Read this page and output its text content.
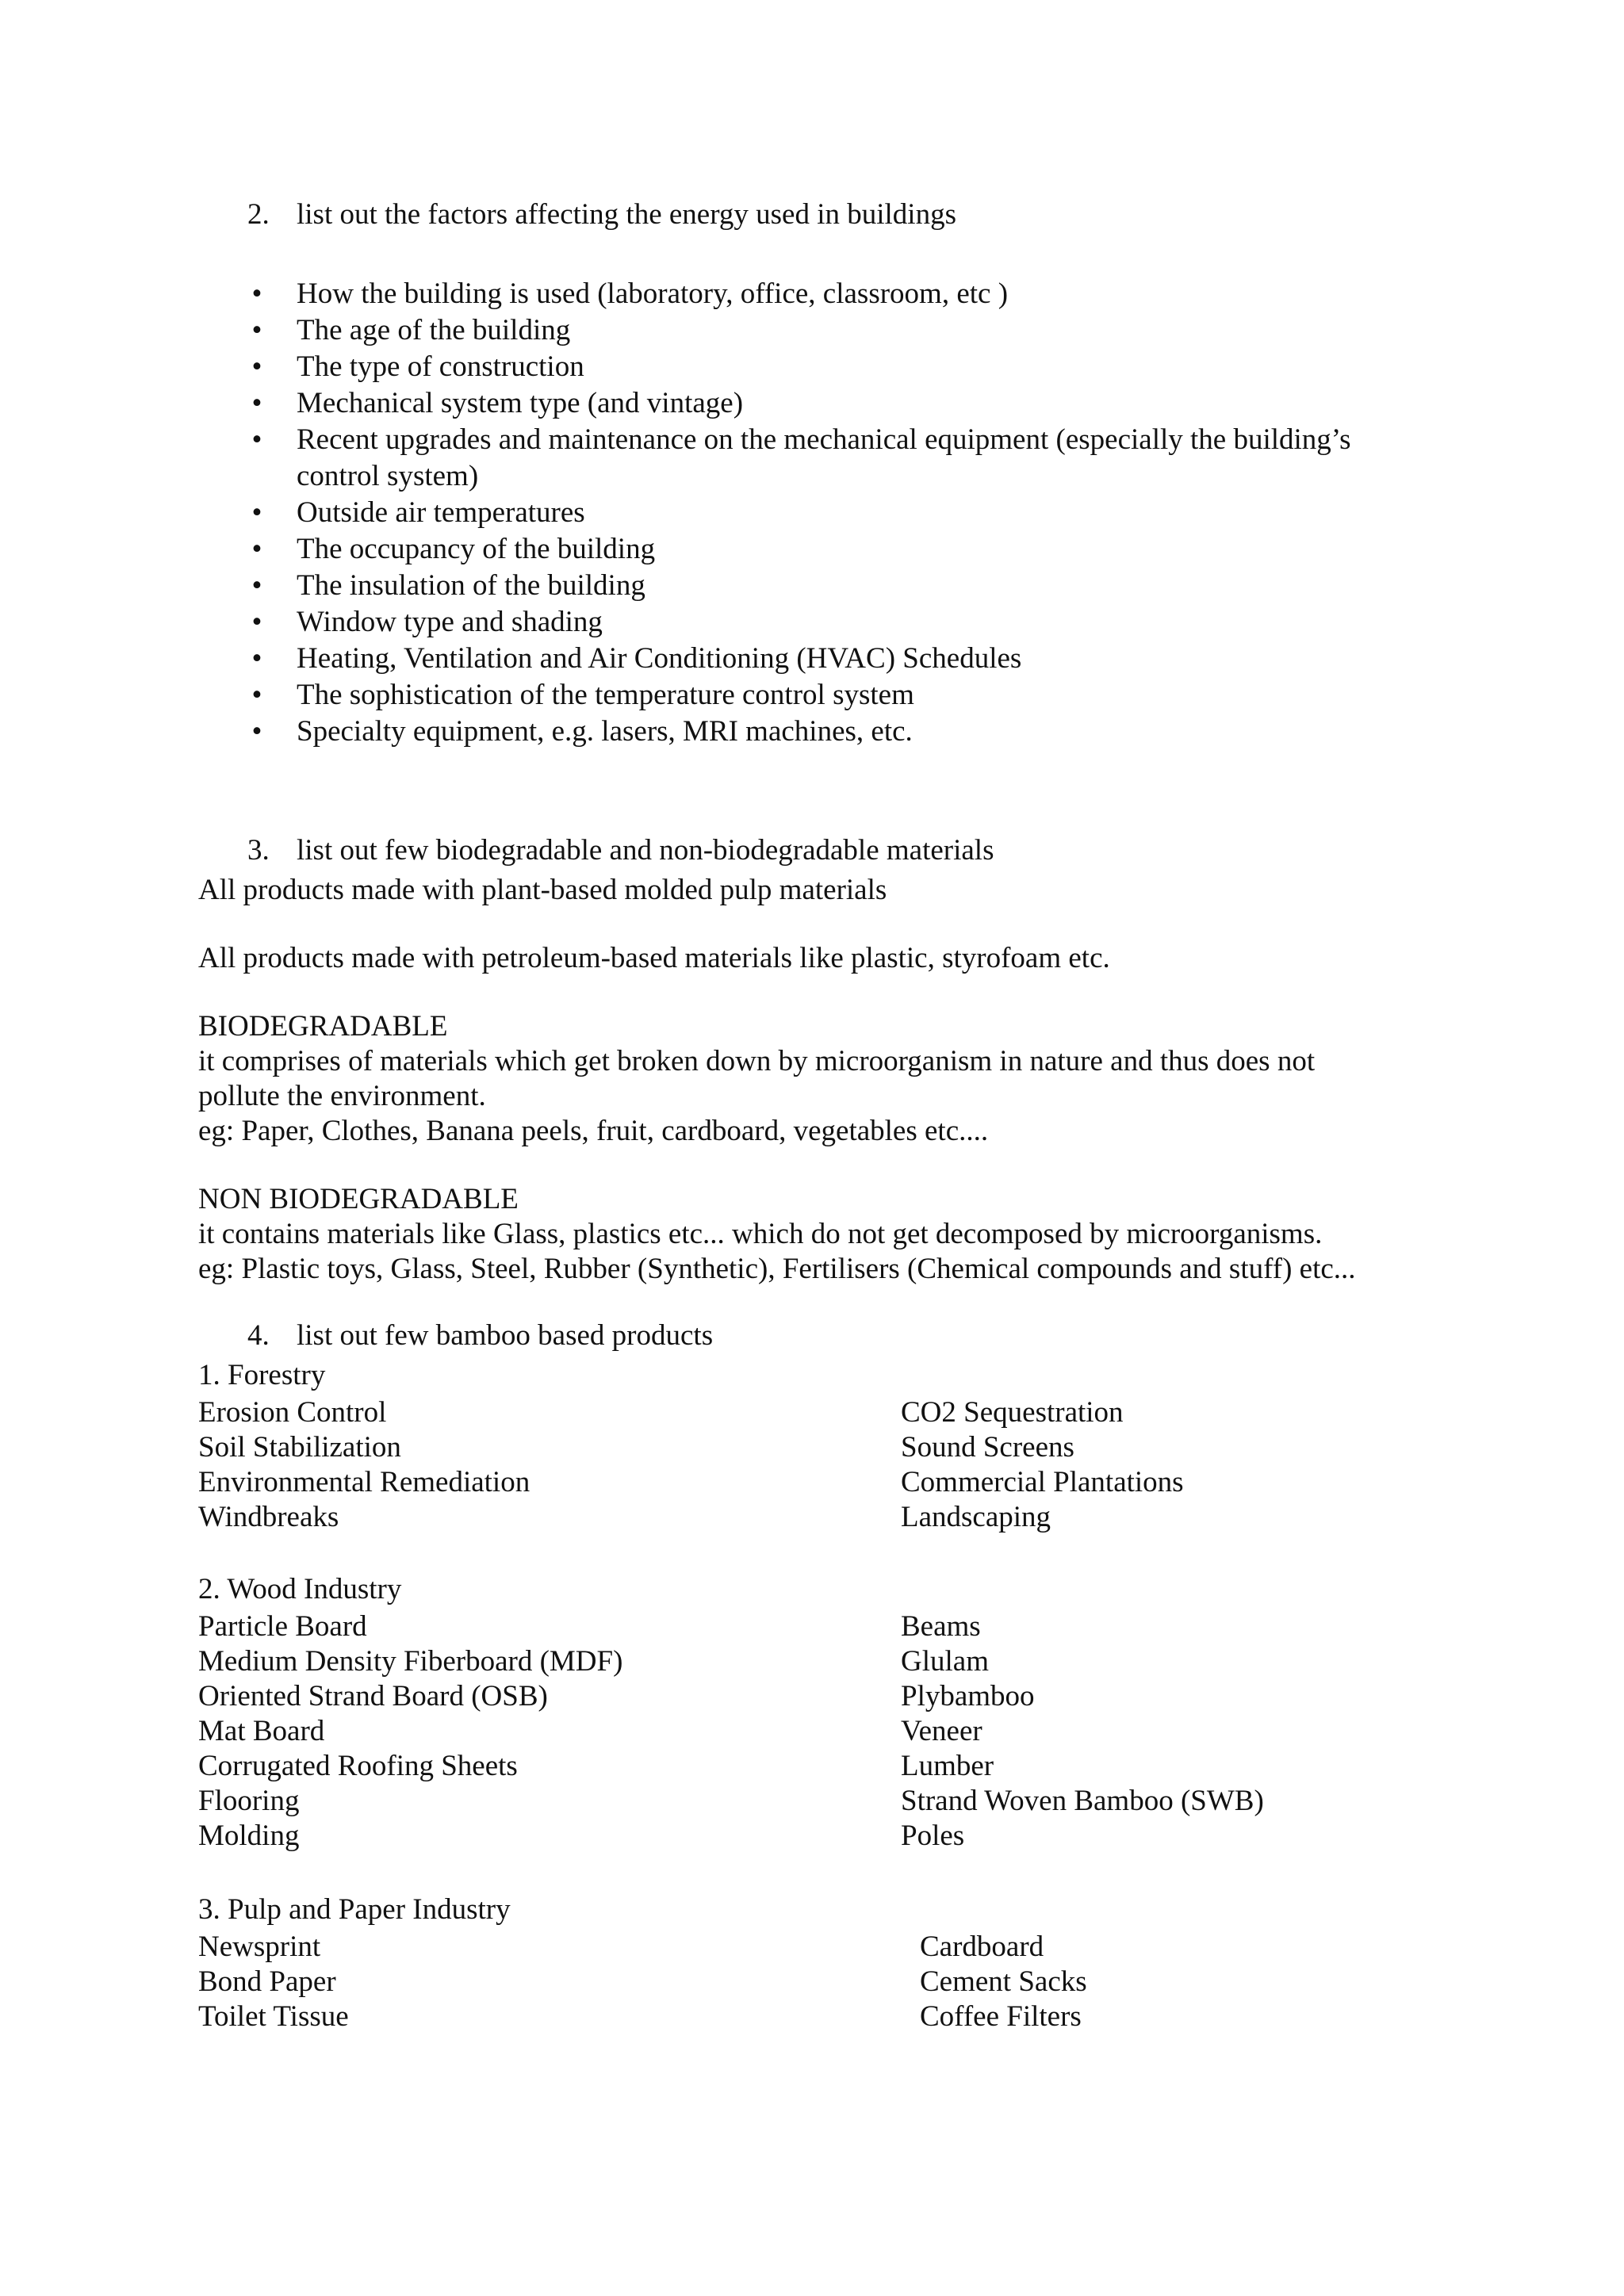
2. list out the factors affecting the energy used in buildings
• How the building is used (laboratory, office, classroom, etc )
• The age of the building
• The type of construction
• Mechanical system type (and vintage)
• Recent upgrades and maintenance on the mechanical equipment (especially the building’s
control system)
• Outside air temperatures
• The occupancy of the building
• The insulation of the building
• Window type and shading
• Heating, Ventilation and Air Conditioning (HVAC) Schedules
• The sophistication of the temperature control system
• Specialty equipment, e.g. lasers, MRI machines, etc.
3. list out few biodegradable and non-biodegradable materials
All products made with plant-based molded pulp materials
All products made with petroleum-based materials like plastic, styrofoam etc.
BIODEGRADABLE
it comprises of materials which get broken down by microorganism in nature and thus does not
pollute the environment.
eg: Paper, Clothes, Banana peels, fruit, cardboard, vegetables etc....
NON BIODEGRADABLE
it contains materials like Glass, plastics etc... which do not get decomposed by microorganisms.
eg: Plastic toys, Glass, Steel, Rubber (Synthetic), Fertilisers (Chemical compounds and stuff) etc...
4. list out few bamboo based products
1. Forestry
Erosion Control
Soil Stabilization
Environmental Remediation
Windbreaks
CO2 Sequestration
Sound Screens
Commercial Plantations
Landscaping
2. Wood Industry
Particle Board
Medium Density Fiberboard (MDF)
Oriented Strand Board (OSB)
Mat Board
Corrugated Roofing Sheets
Flooring
Molding
Beams
Glulam
Plybamboo
Veneer
Lumber
Strand Woven Bamboo (SWB)
Poles
3. Pulp and Paper Industry
Newsprint
Bond Paper
Toilet Tissue
Cardboard
Cement Sacks
Coffee Filters
